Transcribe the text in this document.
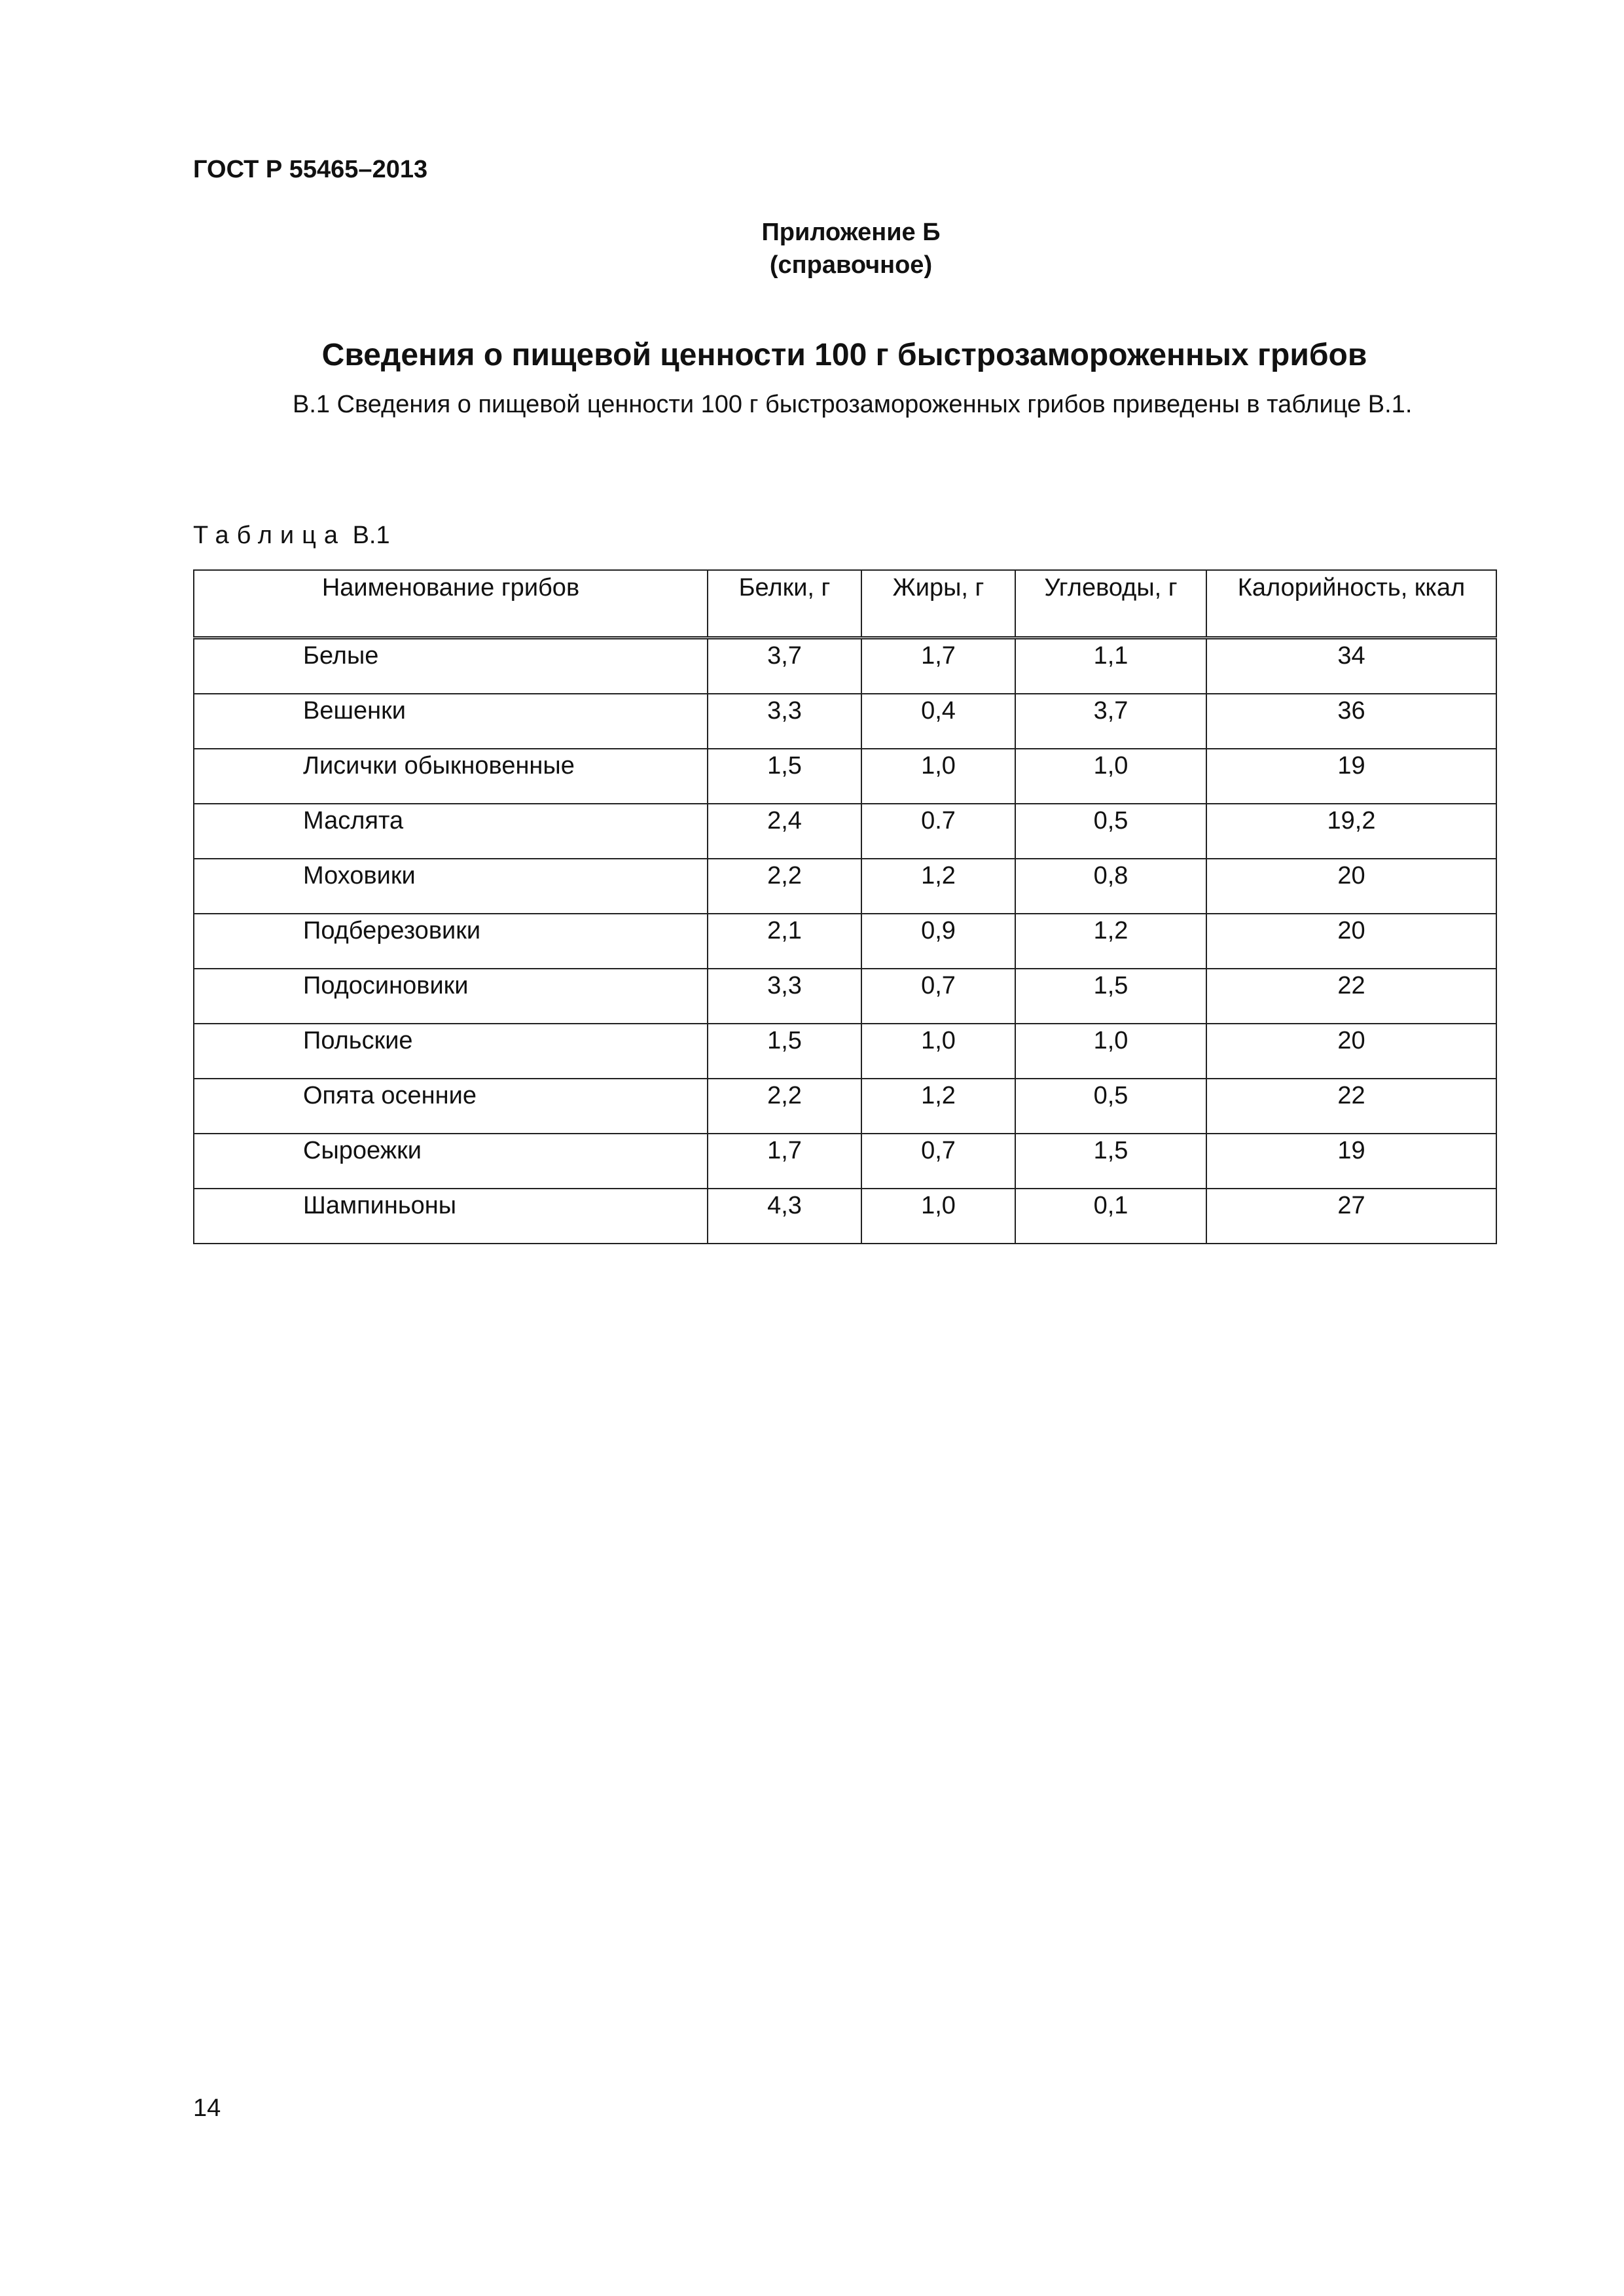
ГОСТ Р 55465–2013
Приложение Б
(справочное)
Сведения о пищевой ценности 100 г быстрозамороженных грибов
В.1 Сведения о пищевой ценности 100 г быстрозамороженных грибов приведены в таблице В.1.
Таблица В.1
Наименование грибов	Белки, г	Жиры, г	Углеводы, г	Калорийность, ккал
Белые	3,7	1,7	1,1	34
Вешенки	3,3	0,4	3,7	36
Лисички обыкновенные	1,5	1,0	1,0	19
Маслята	2,4	0.7	0,5	19,2
Моховики	2,2	1,2	0,8	20
Подберезовики	2,1	0,9	1,2	20
Подосиновики	3,3	0,7	1,5	22
Польские	1,5	1,0	1,0	20
Опята осенние	2,2	1,2	0,5	22
Сыроежки	1,7	0,7	1,5	19
Шампиньоны	4,3	1,0	0,1	27
14
